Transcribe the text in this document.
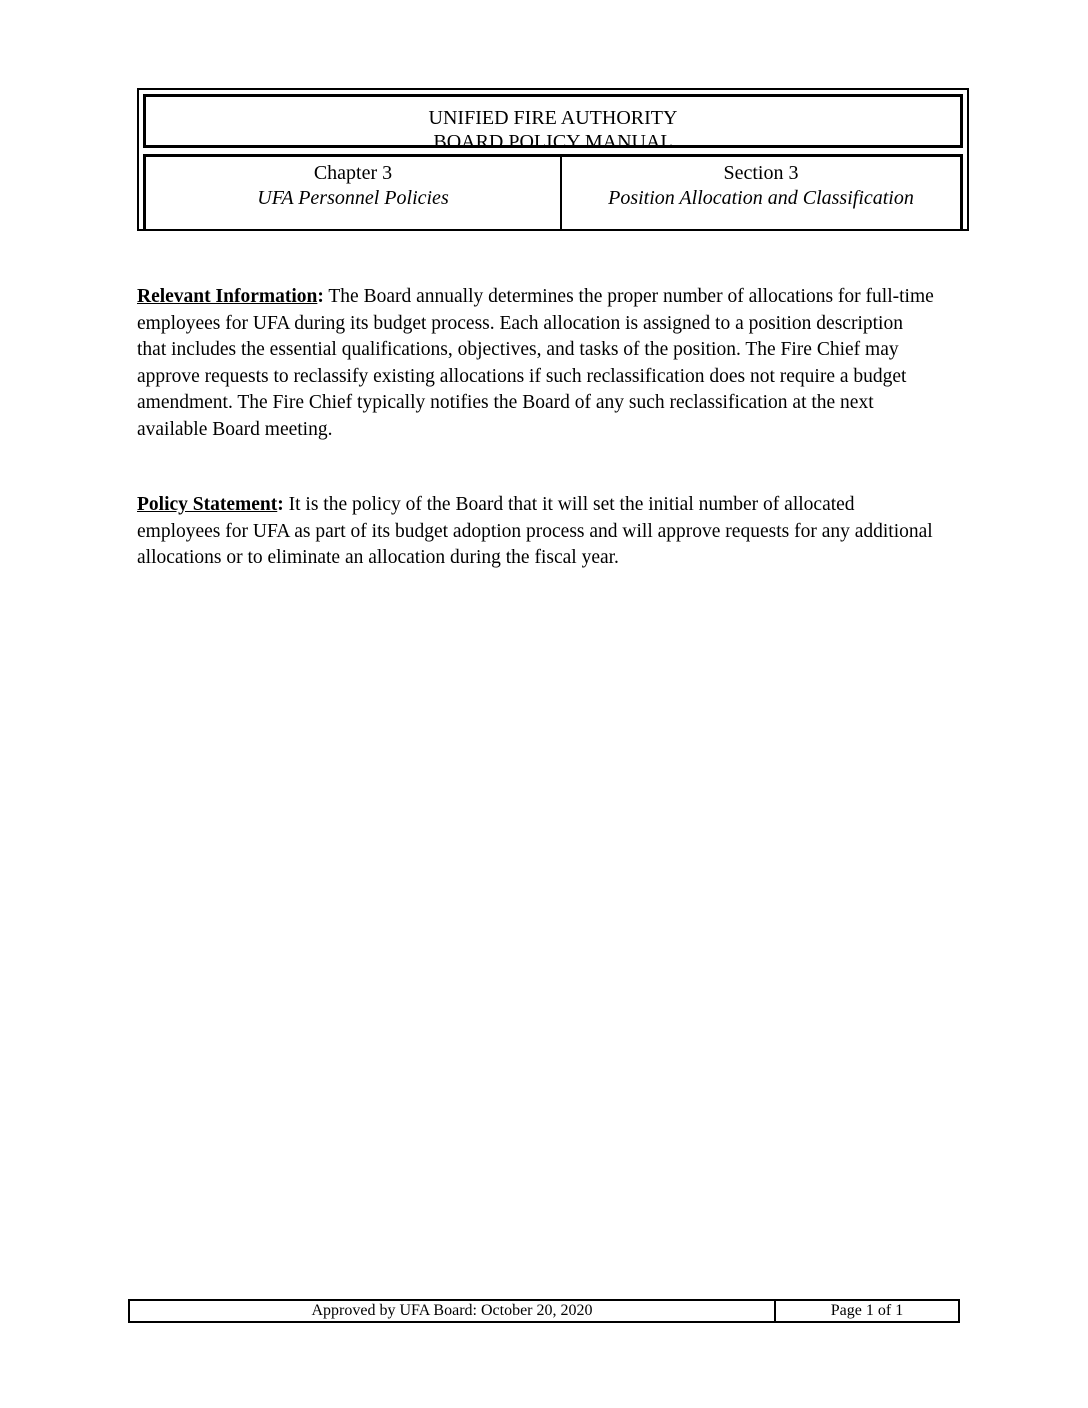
UNIFIED FIRE AUTHORITY
BOARD POLICY MANUAL
Chapter 3
UFA Personnel Policies
Section 3
Position Allocation and Classification

Relevant Information: The Board annually determines the proper number of allocations for full-time employees for UFA during its budget process. Each allocation is assigned to a position description that includes the essential qualifications, objectives, and tasks of the position. The Fire Chief may approve requests to reclassify existing allocations if such reclassification does not require a budget amendment. The Fire Chief typically notifies the Board of any such reclassification at the next available Board meeting.

Policy Statement: It is the policy of the Board that it will set the initial number of allocated employees for UFA as part of its budget adoption process and will approve requests for any additional allocations or to eliminate an allocation during the fiscal year.

Approved by UFA Board: October 20, 2020	Page 1 of 1
